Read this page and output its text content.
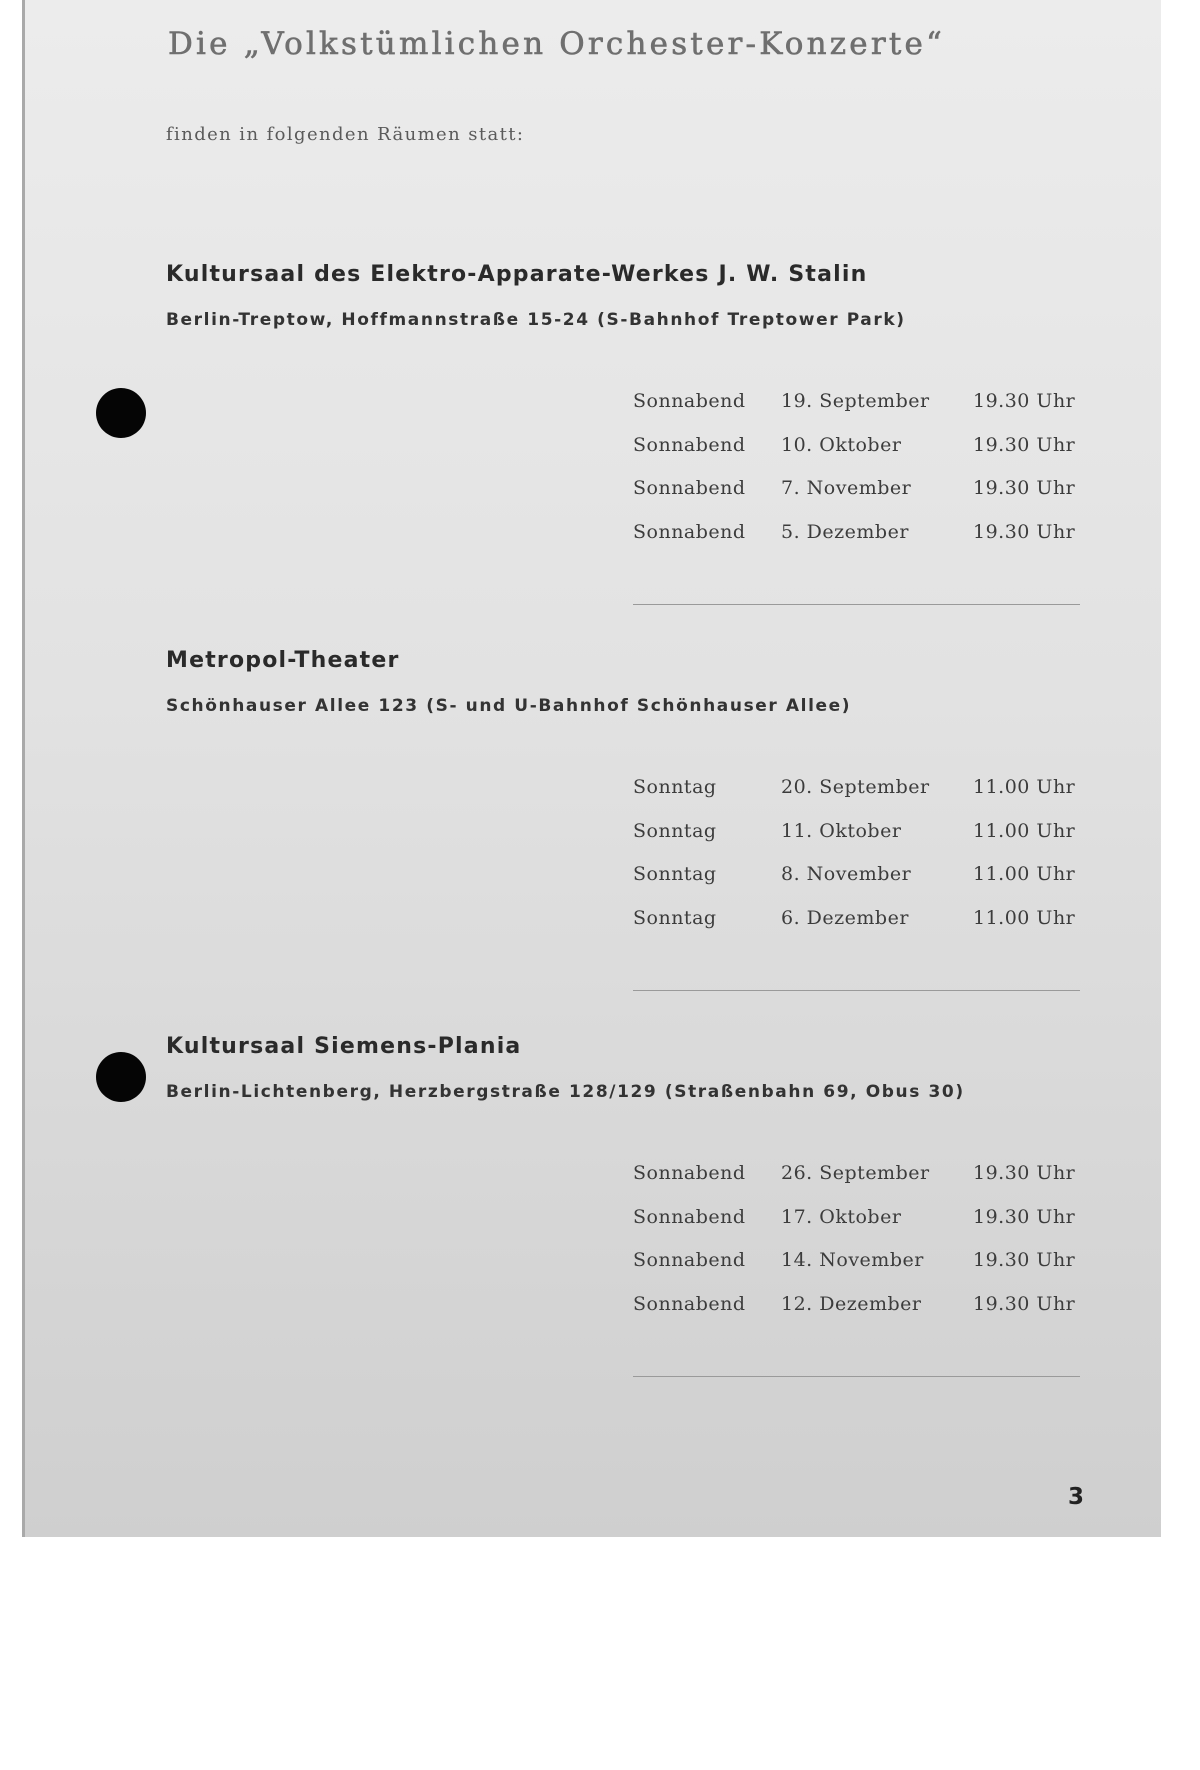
Die „Volkstümlichen Orchester-Konzerte“
finden in folgenden Räumen statt:
Kultursaal des Elektro-Apparate-Werkes J. W. Stalin
Berlin-Treptow, Hoffmannstraße 15-24 (S-Bahnhof Treptower Park)
Sonnabend 19. September 19.30 Uhr
Sonnabend 10. Oktober	19.30 Uhr
Sonnabend 7. November	19.30 Uhr
Sonnabend 5. Dezember	19.30 Uhr
Metropol-Theater
Schönhauser Allee 123 (S- und U-Bahnhof Schönhauser Allee)
Sonntag	20. September 11.00 Uhr
Sonntag	11. Oktober	11.00 Uhr
Sonntag	8. November	11.00 Uhr
Sonntag	6. Dezember	11.00 Uhr
Kultursaal Siemens-Plania
Berlin-Lichtenberg, Herzbergstraße 128/129 (Straßenbahn 69, Obus 30)
Sonnabend 26. September 19.30 Uhr
Sonnabend 17. Oktober	19.30 Uhr
Sonnabend 14. November	19.30 Uhr
Sonnabend 12. Dezember	19.30 Uhr
3
